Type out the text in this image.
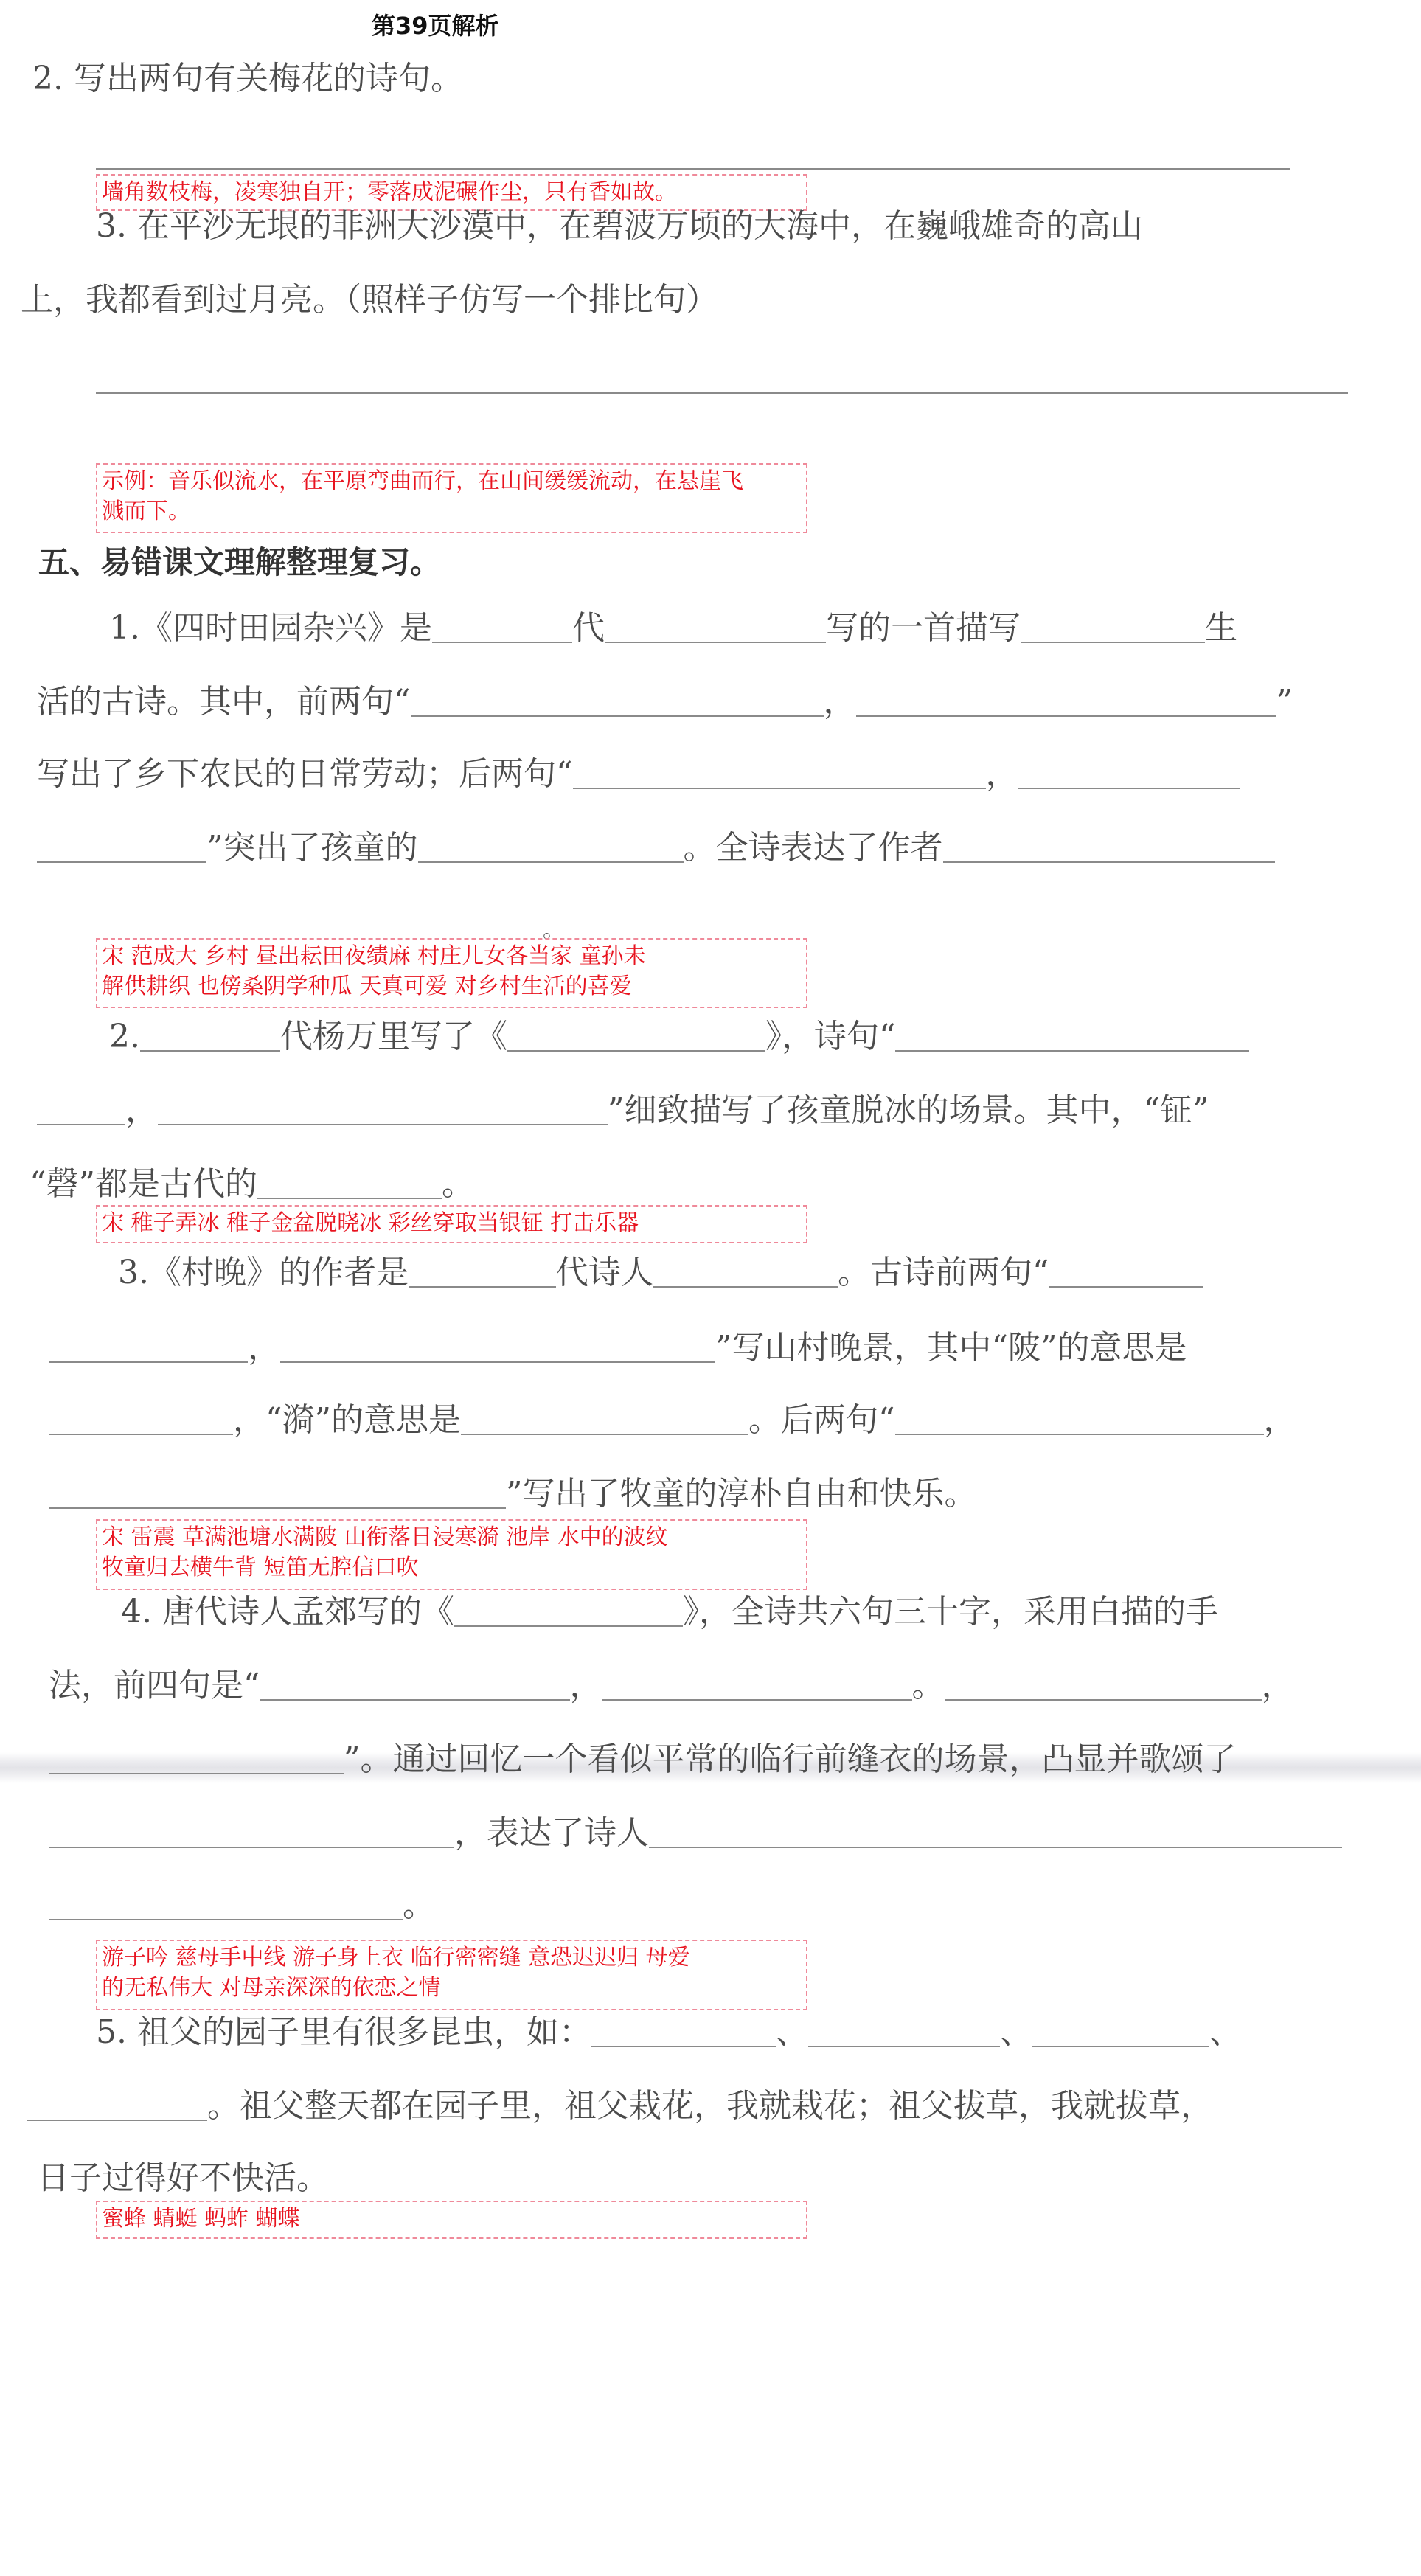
第39页解析
2. 写出两句有关梅花的诗句。
墙角数枝梅，凌寒独自开；零落成泥碾作尘，只有香如故。
3. 在平沙无垠的非洲大沙漠中，在碧波万顷的大海中，在巍峨雄奇的高山
上，我都看到过月亮。（照样子仿写一个排比句）
示例：音乐似流水，在平原弯曲而行，在山间缓缓流动，在悬崖飞
溅而下。
五、易错课文理解整理复习。
1.《四时田园杂兴》是	代	写的一首描写	生
活的古诗。其中，前两句“	，	”
写出了乡下农民的日常劳动；后两句“	，
”突出了孩童的	。全诗表达了作者
。
宋 范成大 乡村 昼出耘田夜绩麻 村庄儿女各当家 童孙未
解供耕织 也傍桑阴学种瓜 天真可爱 对乡村生活的喜爱
2.	代杨万里写了《	》，诗句“
，	”细致描写了孩童脱冰的场景。其中，“钲”
“磬”都是古代的	。
宋 稚子弄冰 稚子金盆脱晓冰 彩丝穿取当银钲 打击乐器
3.《村晚》的作者是	代诗人	。古诗前两句“
，	”写山村晚景，其中“陂”的意思是
，“漪”的意思是	。后两句“	，
”写出了牧童的淳朴自由和快乐。
宋 雷震 草满池塘水满陂 山衔落日浸寒漪 池岸 水中的波纹
牧童归去横牛背 短笛无腔信口吹
4. 唐代诗人孟郊写的《	》，全诗共六句三十字，采用白描的手
法，前四句是“	，	。	，
”。通过回忆一个看似平常的临行前缝衣的场景，凸显并歌颂了
，表达了诗人
。
游子吟 慈母手中线 游子身上衣 临行密密缝 意恐迟迟归 母爱
的无私伟大 对母亲深深的依恋之情
5. 祖父的园子里有很多昆虫，如：	、	、	、
。祖父整天都在园子里，祖父栽花，我就栽花；祖父拔草，我就拔草，
日子过得好不快活。
蜜蜂 蜻蜓 蚂蚱 蝴蝶
